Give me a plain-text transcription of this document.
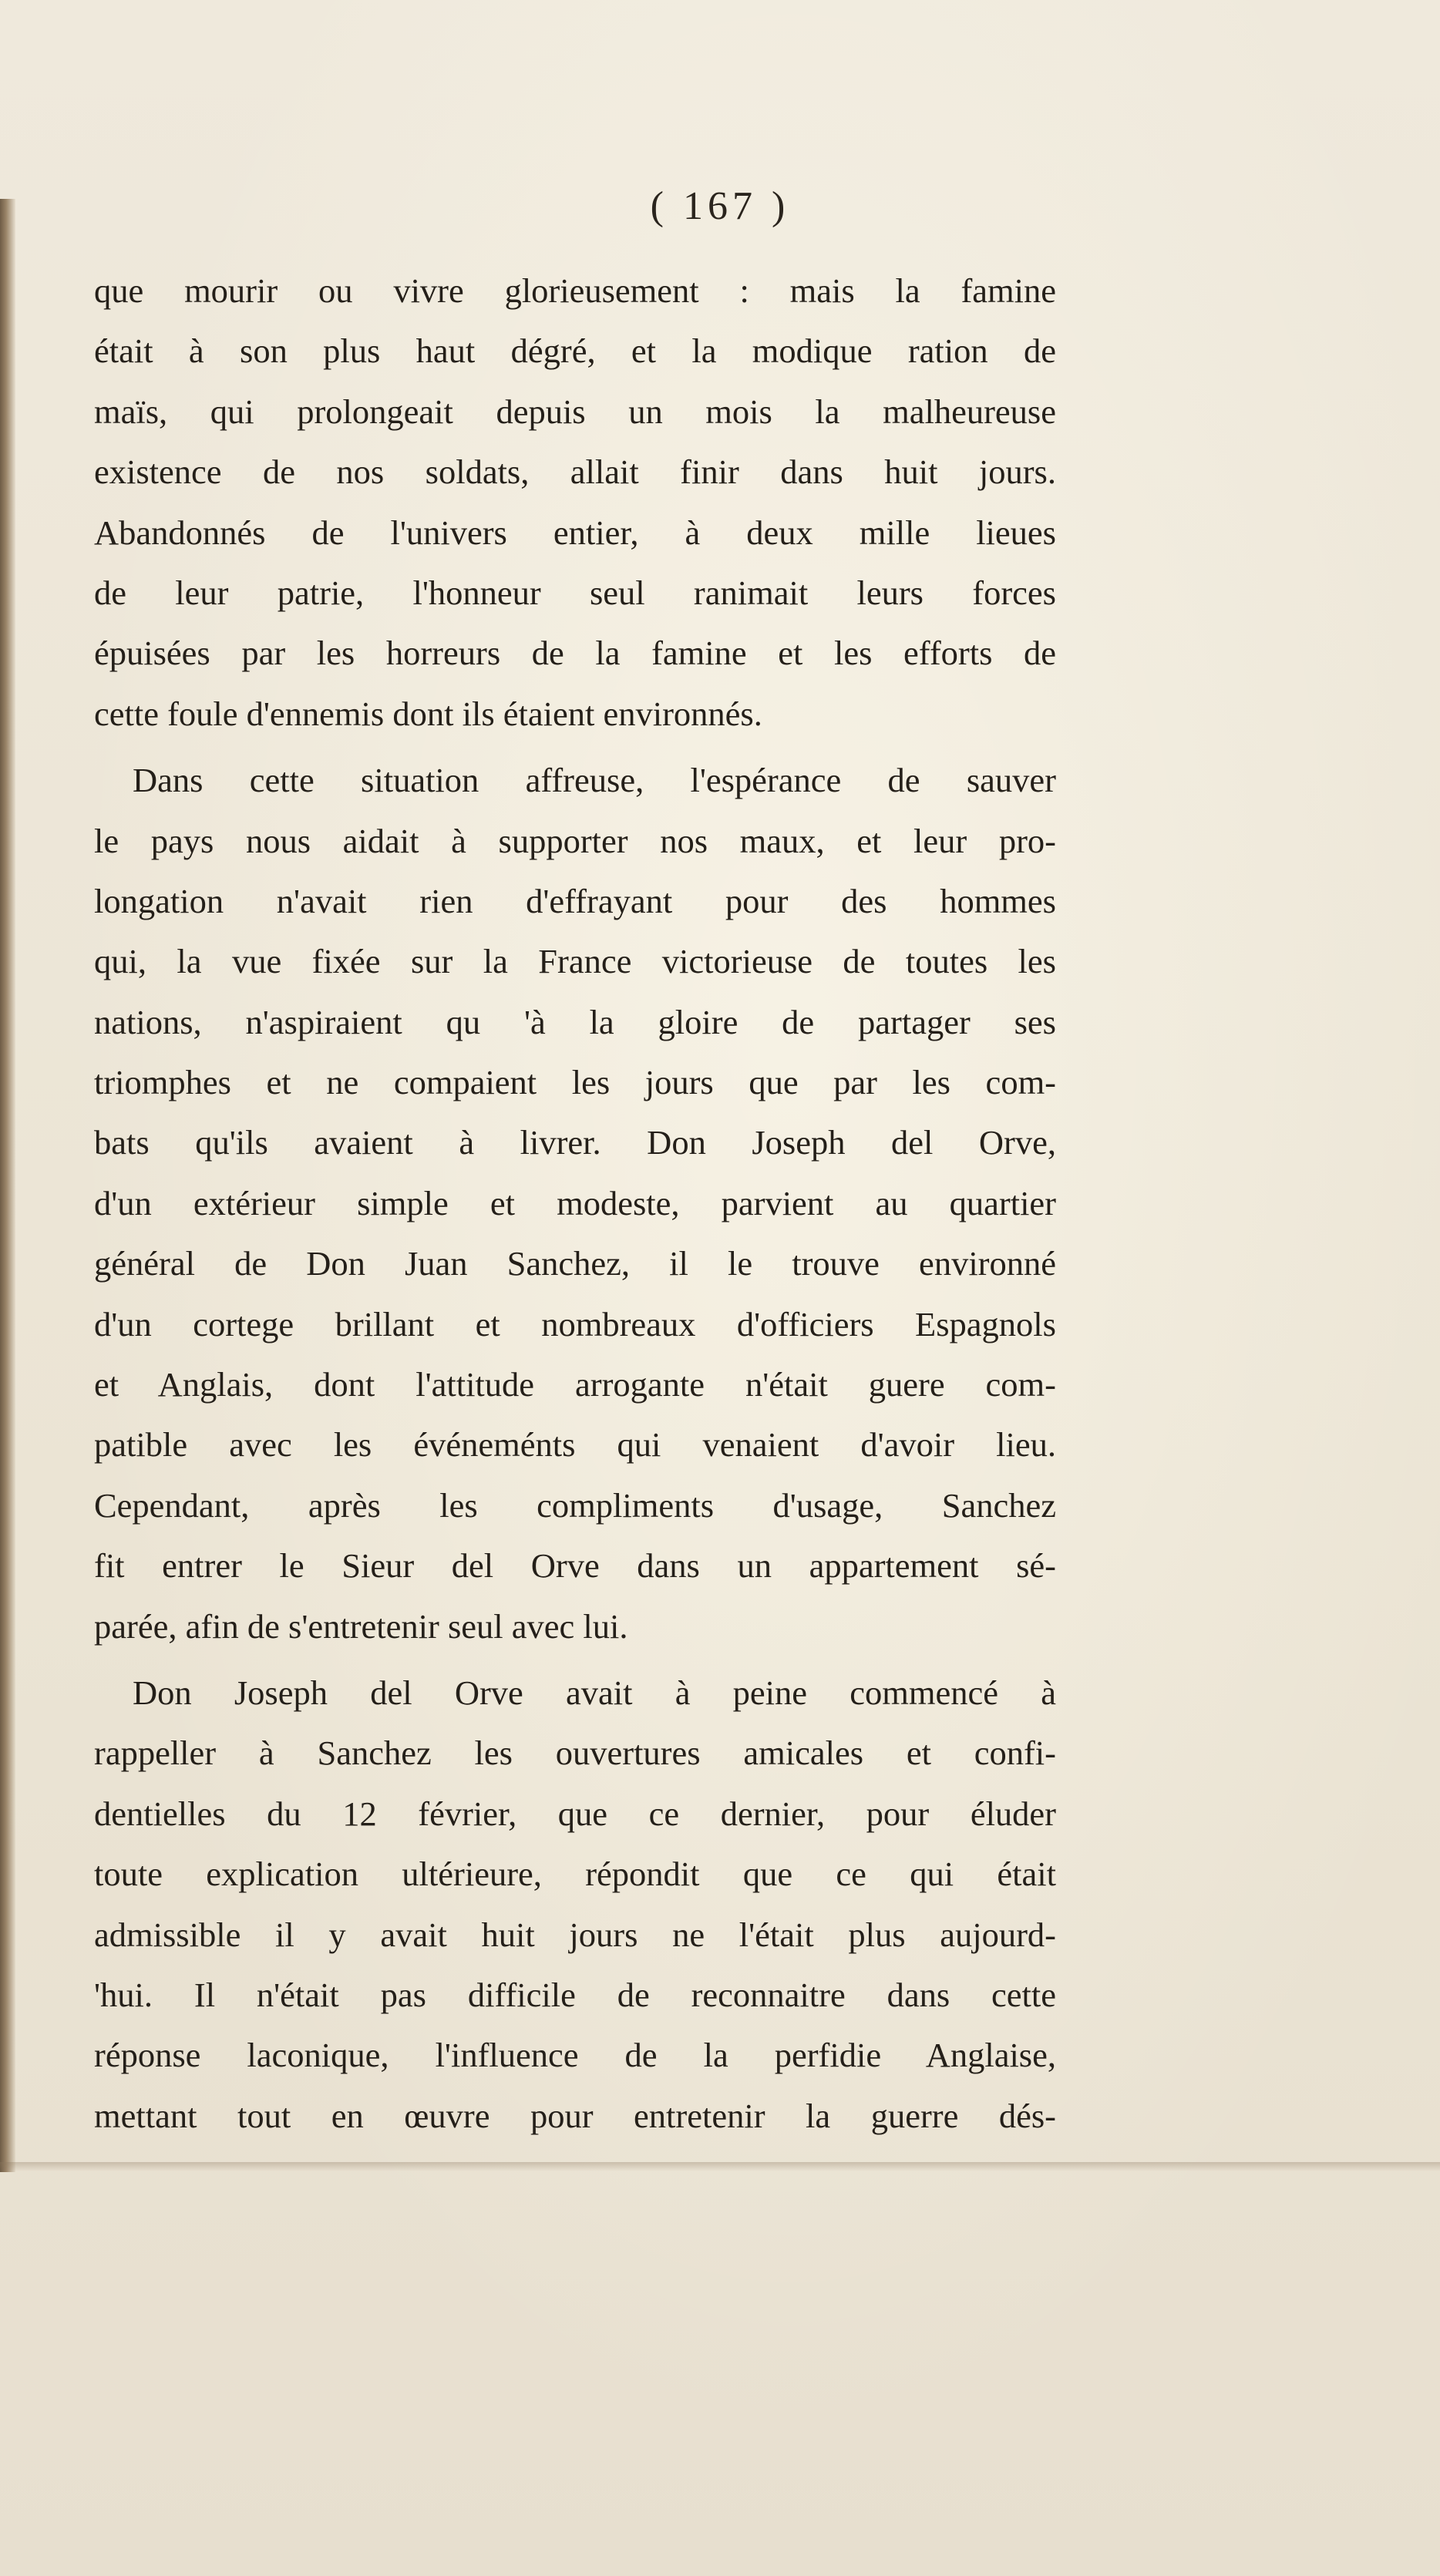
( 167 )
que mourir ou vivre glorieusement : mais la famine
était à son plus haut dégré, et la modique ration de
maïs, qui prolongeait depuis un mois la malheureuse
existence de nos soldats, allait finir dans huit jours.
Abandonnés de l'univers entier, à deux mille lieues
de leur patrie, l'honneur seul ranimait leurs forces
épuisées par les horreurs de la famine et les efforts de
cette foule d'ennemis dont ils étaient environnés.
Dans cette situation affreuse, l'espérance de sauver
le pays nous aidait à supporter nos maux, et leur pro-
longation n'avait rien d'effrayant pour des hommes
qui, la vue fixée sur la France victorieuse de toutes les
nations, n'aspiraient qu 'à la gloire de partager ses
triomphes et ne compaient les jours que par les com-
bats qu'ils avaient à livrer. Don Joseph del Orve,
d'un extérieur simple et modeste, parvient au quartier
général de Don Juan Sanchez, il le trouve environné
d'un cortege brillant et nombreaux d'officiers Espagnols
et Anglais, dont l'attitude arrogante n'était guere com-
patible avec les événeménts qui venaient d'avoir lieu.
Cependant, après les compliments d'usage, Sanchez
fit entrer le Sieur del Orve dans un appartement sé-
parée, afin de s'entretenir seul avec lui.
Don Joseph del Orve avait à peine commencé à
rappeller à Sanchez les ouvertures amicales et confi-
dentielles du 12 février, que ce dernier, pour éluder
toute explication ultérieure, répondit que ce qui était
admissible il y avait huit jours ne l'était plus aujourd-
'hui. Il n'était pas difficile de reconnaitre dans cette
réponse laconique, l'influence de la perfidie Anglaise,
mettant tout en œuvre pour entretenir la guerre dés-
